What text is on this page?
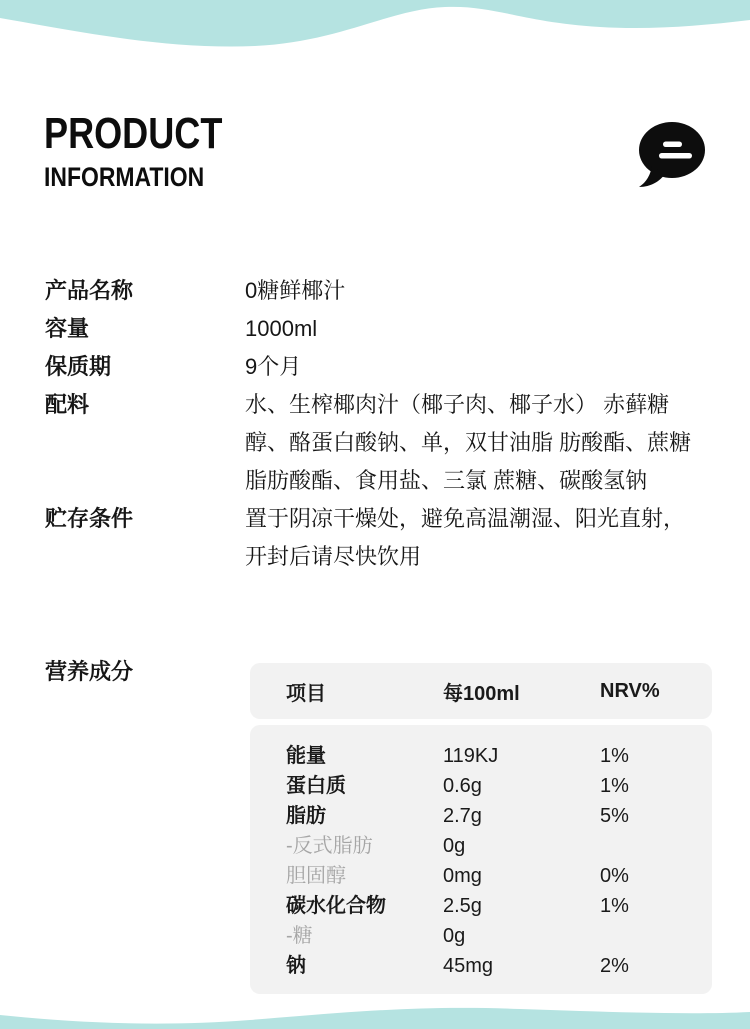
PRODUCT
INFORMATION
产品名称	0糖鲜椰汁
容量	1000ml
保质期	9个月
配料	水、生榨椰肉汁（椰子肉、椰子水） 赤藓糖醇、酪蛋白酸钠、单，双甘油脂 肪酸酯、蔗糖脂肪酸酯、食用盐、三氯 蔗糖、碳酸氢钠
贮存条件	置于阴凉干燥处，避免高温潮湿、阳光直射，开封后请尽快饮用
营养成分
项目	每100ml	NRV%
能量	119KJ	1%
蛋白质	0.6g	1%
脂肪	2.7g	5%
-反式脂肪	0g
胆固醇	0mg	0%
碳水化合物	2.5g	1%
-糖	0g
钠	45mg	2%
